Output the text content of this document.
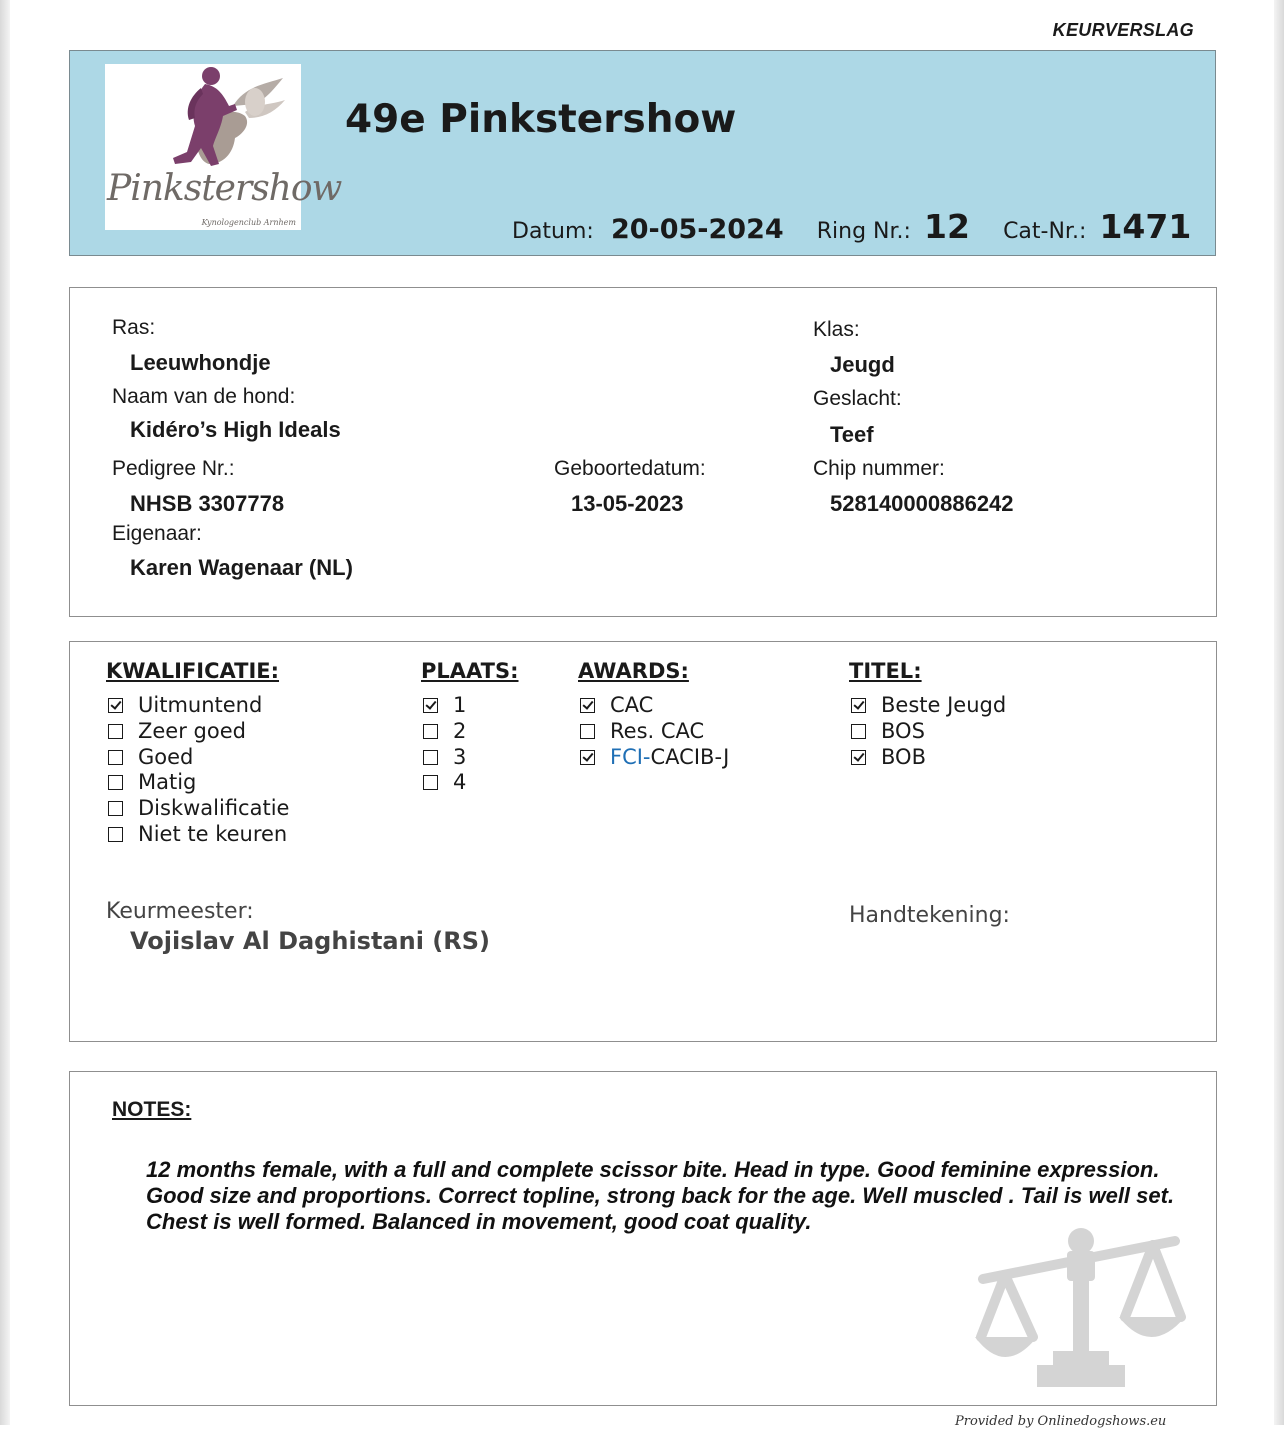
KEURVERSLAG
Pinkstershow
Kynologenclub Arnhem
49e Pinkstershow
Datum: 20-05-2024 Ring Nr.: 12 Cat-Nr.: 1471
Ras:
Leeuwhondje
Naam van de hond:
Kidéro’s High Ideals
Pedigree Nr.:
NHSB 3307778
Eigenaar:
Karen Wagenaar (NL)
Geboortedatum:
13-05-2023
Klas:
Jeugd
Geslacht:
Teef
Chip nummer:
528140000886242
KWALIFICATIE:
Uitmuntend
Zeer goed
Goed
Matig
Diskwalificatie
Niet te keuren
PLAATS:
1
2
3
4
AWARDS:
CAC
Res. CAC
FCI-CACIB-J
TITEL:
Beste Jeugd
BOS
BOB
Keurmeester:
Vojislav Al Daghistani (RS)
Handtekening:
NOTES:
12 months female, with a full and complete scissor bite. Head in type. Good feminine expression. Good size and proportions. Correct topline, strong back for the age. Well muscled . Tail is well set. Chest is well formed. Balanced in movement, good coat quality.
Provided by Onlinedogshows.eu
